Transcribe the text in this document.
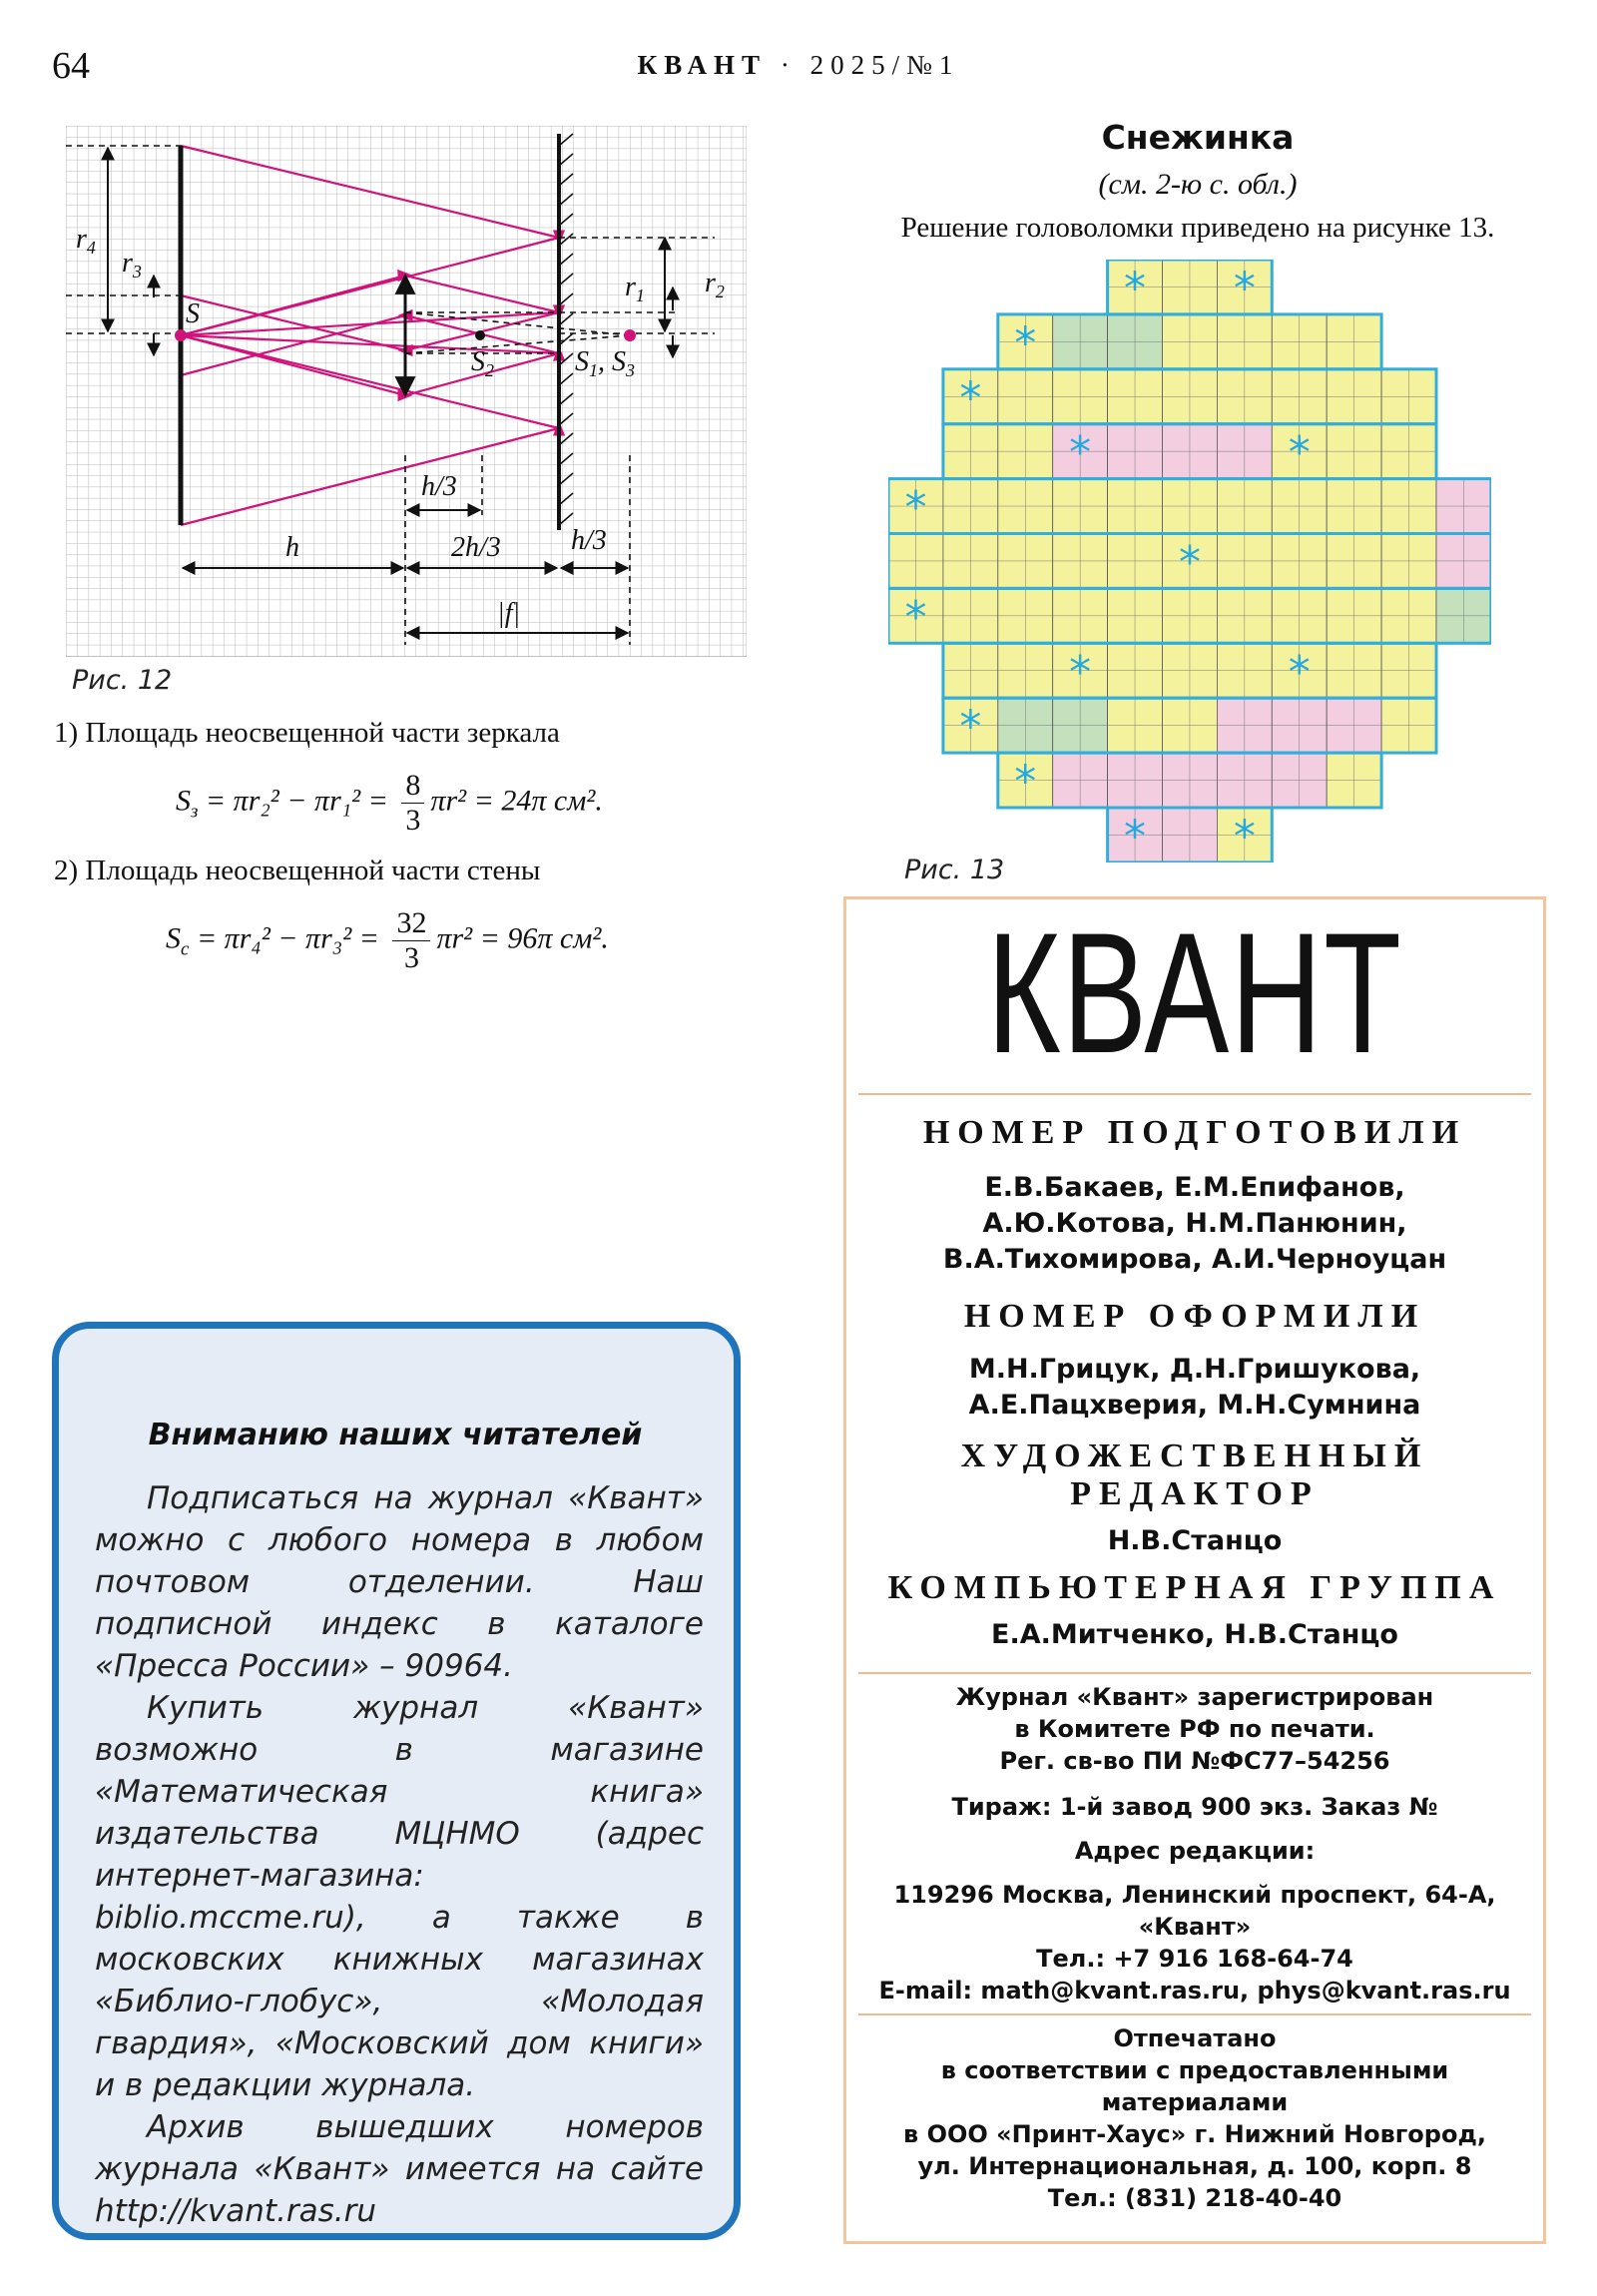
64	КВАНТ · 2025/№1
$r_4$ $r_3$
S
$S_2$	$S_1$, $S_3$
$r_1$ $r_2$
h/3
h	2h/3	h/3
|f|
Рис. 12
1) Площадь неосвещенной части зеркала
$S_з = \pi r_2^2 - \pi r_1^2 = \frac{8}{3} \pi r^2 = 24\pi$ см².
2) Площадь неосвещенной части стены
$S_с = \pi r_4^2 - \pi r_3^2 = \frac{32}{3} \pi r^2 = 96\pi$ см².
Снежинка
(см. 2-ю с. обл.)
Решение головоломки приведено на рисунке 13.
* *
*
*
*	*
*
*
*
*	*
*
*
* *
Рис. 13
Вниманию наших читателей

Подписаться на журнал «Квант» можно с любого номера в любом почтовом отделении. Наш подписной индекс в каталоге «Пресса России» – 90964.

Купить журнал «Квант» возможно в магазине «Математическая книга» издательства МЦНМО (адрес интернет-магазина: biblio.mccme.ru), а также в московских книжных магазинах «Библио-глобус», «Молодая гвардия», «Московский дом книги» и в редакции журнала.

Архив вышедших номеров журнала «Квант» имеется на сайте http://kvant.ras.ru

КВАНТ
НОМЕР ПОДГОТОВИЛИ
Е.В.Бакаев, Е.М.Епифанов,
А.Ю.Котова, Н.М.Панюнин,
В.А.Тихомирова, А.И.Черноуцан
НОМЕР ОФОРМИЛИ
М.Н.Грицук, Д.Н.Гришукова,
А.Е.Пацхверия, М.Н.Сумнина
ХУДОЖЕСТВЕННЫЙ
РЕДАКТОР
Н.В.Станцо
КОМПЬЮТЕРНАЯ ГРУППА
Е.А.Митченко, Н.В.Станцо
Журнал «Квант» зарегистрирован
в Комитете РФ по печати.
Рег. св-во ПИ №ФС77–54256
Тираж: 1-й завод 900 экз. Заказ №
Адрес редакции:
119296 Москва, Ленинский проспект, 64-А,
«Квант»
Тел.: +7 916 168-64-74
E-mail: math@kvant.ras.ru, phys@kvant.ras.ru
Отпечатано
в соответствии с предоставленными
материалами
в ООО «Принт-Хаус» г. Нижний Новгород,
ул. Интернациональная, д. 100, корп. 8
Тел.: (831) 218-40-40
